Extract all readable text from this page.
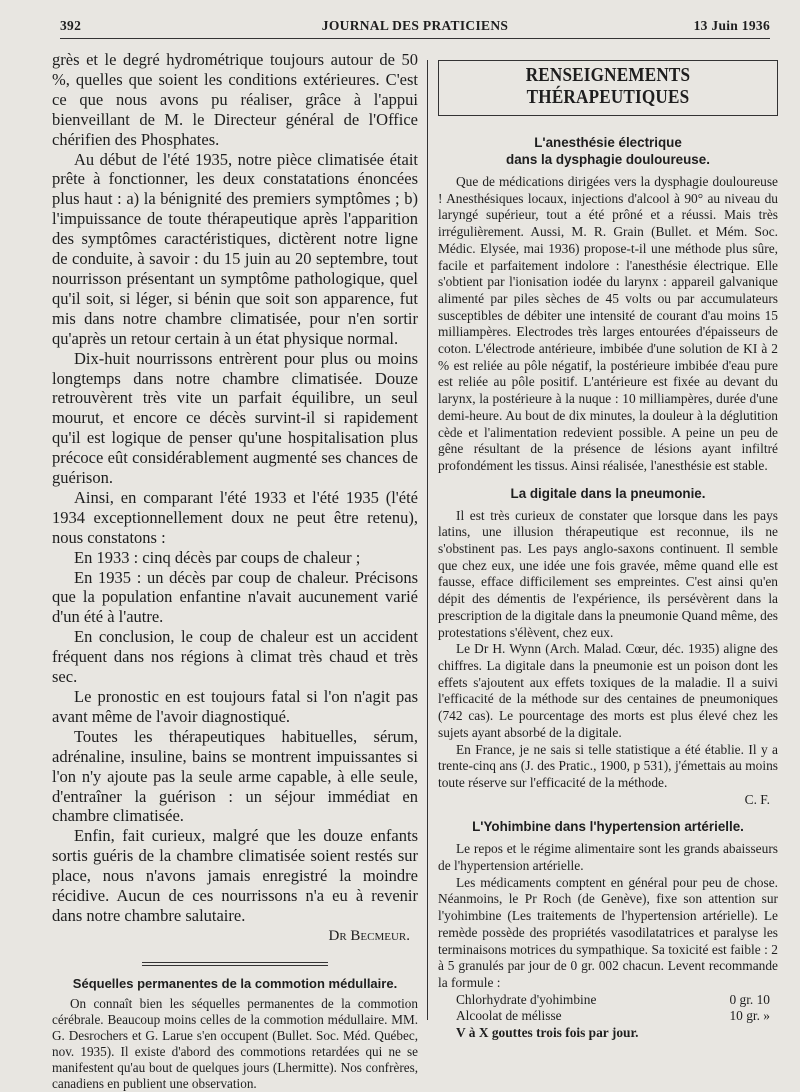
392	JOURNAL DES PRATICIENS	13 Juin 1936

grès et le degré hydrométrique toujours autour de 50 %, quelles que soient les conditions extérieures. C'est ce que nous avons pu réaliser, grâce à l'appui bienveillant de M. le Directeur général de l'Office chérifien des Phosphates.

Au début de l'été 1935, notre pièce climatisée était prête à fonctionner, les deux constatations énoncées plus haut : a) la bénignité des premiers symptômes ; b) l'impuissance de toute thérapeutique après l'apparition des symptômes caractéristiques, dictèrent notre ligne de conduite, à savoir : du 15 juin au 20 septembre, tout nourrisson présentant un symptôme pathologique, quel qu'il soit, si léger, si bénin que soit son apparence, fut mis dans notre chambre climatisée, pour n'en sortir qu'après un retour certain à un état physique normal.

Dix-huit nourrissons entrèrent pour plus ou moins longtemps dans notre chambre climatisée. Douze retrouvèrent très vite un parfait équilibre, un seul mourut, et encore ce décès survint-il si rapidement qu'il est logique de penser qu'une hospitalisation plus précoce eût considérablement augmenté ses chances de guérison.

Ainsi, en comparant l'été 1933 et l'été 1935 (l'été 1934 exceptionnellement doux ne peut être retenu), nous constatons :

En 1933 : cinq décès par coups de chaleur ;

En 1935 : un décès par coup de chaleur. Précisons que la population enfantine n'avait aucunement varié d'un été à l'autre.

En conclusion, le coup de chaleur est un accident fréquent dans nos régions à climat très chaud et très sec.

Le pronostic en est toujours fatal si l'on n'agit pas avant même de l'avoir diagnostiqué.

Toutes les thérapeutiques habituelles, sérum, adrénaline, insuline, bains se montrent impuissantes si l'on n'y ajoute pas la seule arme capable, à elle seule, d'entraîner la guérison : un séjour immédiat en chambre climatisée.

Enfin, fait curieux, malgré que les douze enfants sortis guéris de la chambre climatisée soient restés sur place, nous n'avons jamais enregistré la moindre récidive. Aucun de ces nourrissons n'a eu à revenir dans notre chambre salutaire.

Dr Becmeur.

Séquelles permanentes de la commotion médullaire.

On connaît bien les séquelles permanentes de la commotion cérébrale. Beaucoup moins celles de la commotion médullaire. MM. G. Desrochers et G. Larue s'en occupent (Bullet. Soc. Méd. Québec, nov. 1935). Il existe d'abord des commotions retardées qui ne se manifestent qu'au bout de quelques jours (Lhermitte). Nos confrères, canadiens en publient une observation.

RENSEIGNEMENTS THÉRAPEUTIQUES

L'anesthésie électrique
dans la dysphagie douloureuse.

Que de médications dirigées vers la dysphagie douloureuse ! Anesthésiques locaux, injections d'alcool à 90° au niveau du laryngé supérieur, tout a été prôné et a réussi. Mais très irrégulièrement. Aussi, M. R. Grain (Bullet. et Mém. Soc. Médic. Elysée, mai 1936) propose-t-il une méthode plus sûre, facile et parfaitement indolore : l'anesthésie électrique. Elle s'obtient par l'ionisation iodée du larynx : appareil galvanique alimenté par piles sèches de 45 volts ou par accumulateurs susceptibles de débiter une intensité de courant d'au moins 15 milliampères. Electrodes très larges entourées d'épaisseurs de coton. L'électrode antérieure, imbibée d'une solution de KI à 2 % est reliée au pôle négatif, la postérieure imbibée d'eau pure est reliée au pôle positif. L'antérieure est fixée au devant du larynx, la postérieure à la nuque : 10 milliampères, durée d'une demi-heure. Au bout de dix minutes, la douleur à la déglutition cède et l'alimentation redevient possible. A peine un peu de gêne résultant de la présence de lésions ayant infiltré profondément les tissus. Ainsi réalisée, l'anesthésie est stable.

La digitale dans la pneumonie.

Il est très curieux de constater que lorsque dans les pays latins, une illusion thérapeutique est reconnue, ils ne s'obstinent pas. Les pays anglo-saxons continuent. Il semble que chez eux, une idée une fois gravée, même quand elle est fausse, efface difficilement ses empreintes. C'est ainsi qu'en dépit des démentis de l'expérience, ils persévèrent dans la prescription de la digitale dans la pneumonie Quand même, des protestations s'élèvent, chez eux.

Le Dr H. Wynn (Arch. Malad. Cœur, déc. 1935) aligne des chiffres. La digitale dans la pneumonie est un poison dont les effets s'ajoutent aux effets toxiques de la maladie. Il a suivi l'efficacité de la méthode sur des centaines de pneumoniques (742 cas). Le pourcentage des morts est plus élevé chez les sujets ayant absorbé de la digitale.

En France, je ne sais si telle statistique a été établie. Il y a trente-cinq ans (J. des Pratic., 1900, p 531), j'émettais au moins toute réserve sur l'efficacité de la méthode.

C. F.

L'Yohimbine dans l'hypertension artérielle.

Le repos et le régime alimentaire sont les grands abaisseurs de l'hypertension artérielle.

Les médicaments comptent en général pour peu de chose. Néanmoins, le Pr Roch (de Genève), fixe son attention sur l'yohimbine (Les traitements de l'hypertension artérielle). Le remède possède des propriétés vasodilatatrices et paralyse les terminaisons motrices du sympathique. Sa toxicité est faible : 2 à 5 granulés par jour de 0 gr. 002 chacun. Levent recommande la formule :

Chlorhydrate d'yohimbine	0 gr. 10
Alcoolat de mélisse	10 gr. »

V à X gouttes trois fois par jour.
